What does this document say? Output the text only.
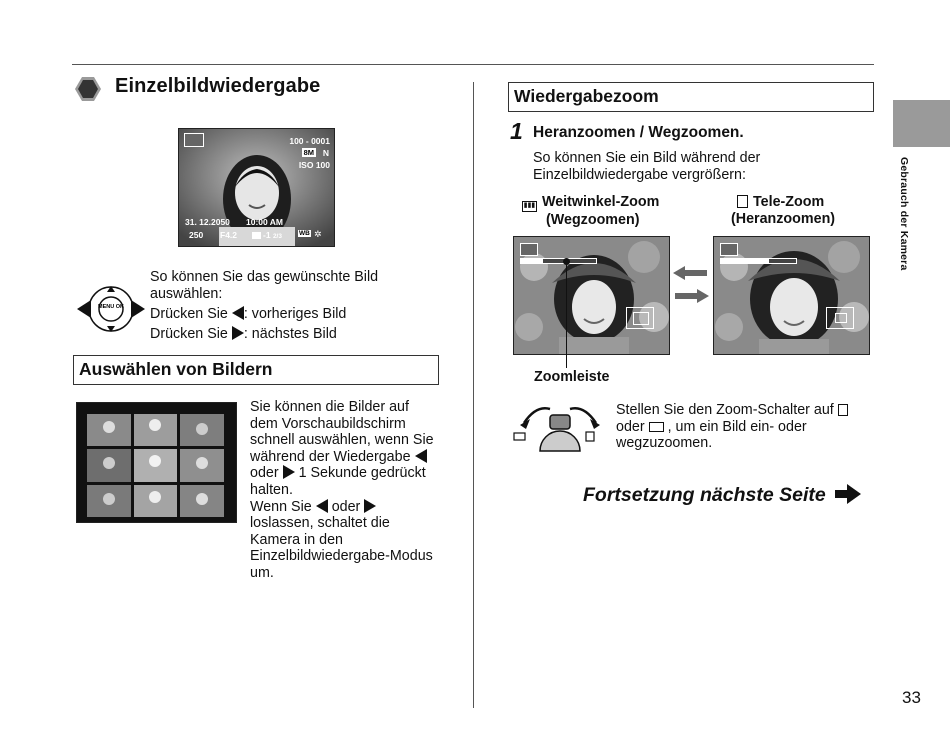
Gebrauch der Kamera
Einzelbildwiedergabe
100 - 0001
8M N
ISO 100
31. 12.2050 10:00 AM
250 F4.2	-1 2/3	WB ✲
MENU OK
So können Sie das gewünschte Bild
auswählen:
Drücken Sie : vorheriges Bild
Drücken Sie : nächstes Bild
Auswählen von Bildern
Sie können die Bilder auf
dem Vorschaubildschirm
schnell auswählen, wenn Sie
während der Wiedergabe
oder 1 Sekunde gedrückt
halten.
Wenn Sie oder
loslassen, schaltet die
Kamera in den
Einzelbildwiedergabe-Modus
um.
Wiedergabezoom
1 Heranzoomen / Wegzoomen.
So können Sie ein Bild während der
Einzelbildwiedergabe vergrößern:
▮▮▮ Weitwinkel-Zoom
(Wegzoomen)
Tele-Zoom
(Heranzoomen)
Zoomleiste
Stellen Sie den Zoom-Schalter auf
oder , um ein Bild ein- oder
wegzuzoomen.
Fortsetzung nächste Seite
33
